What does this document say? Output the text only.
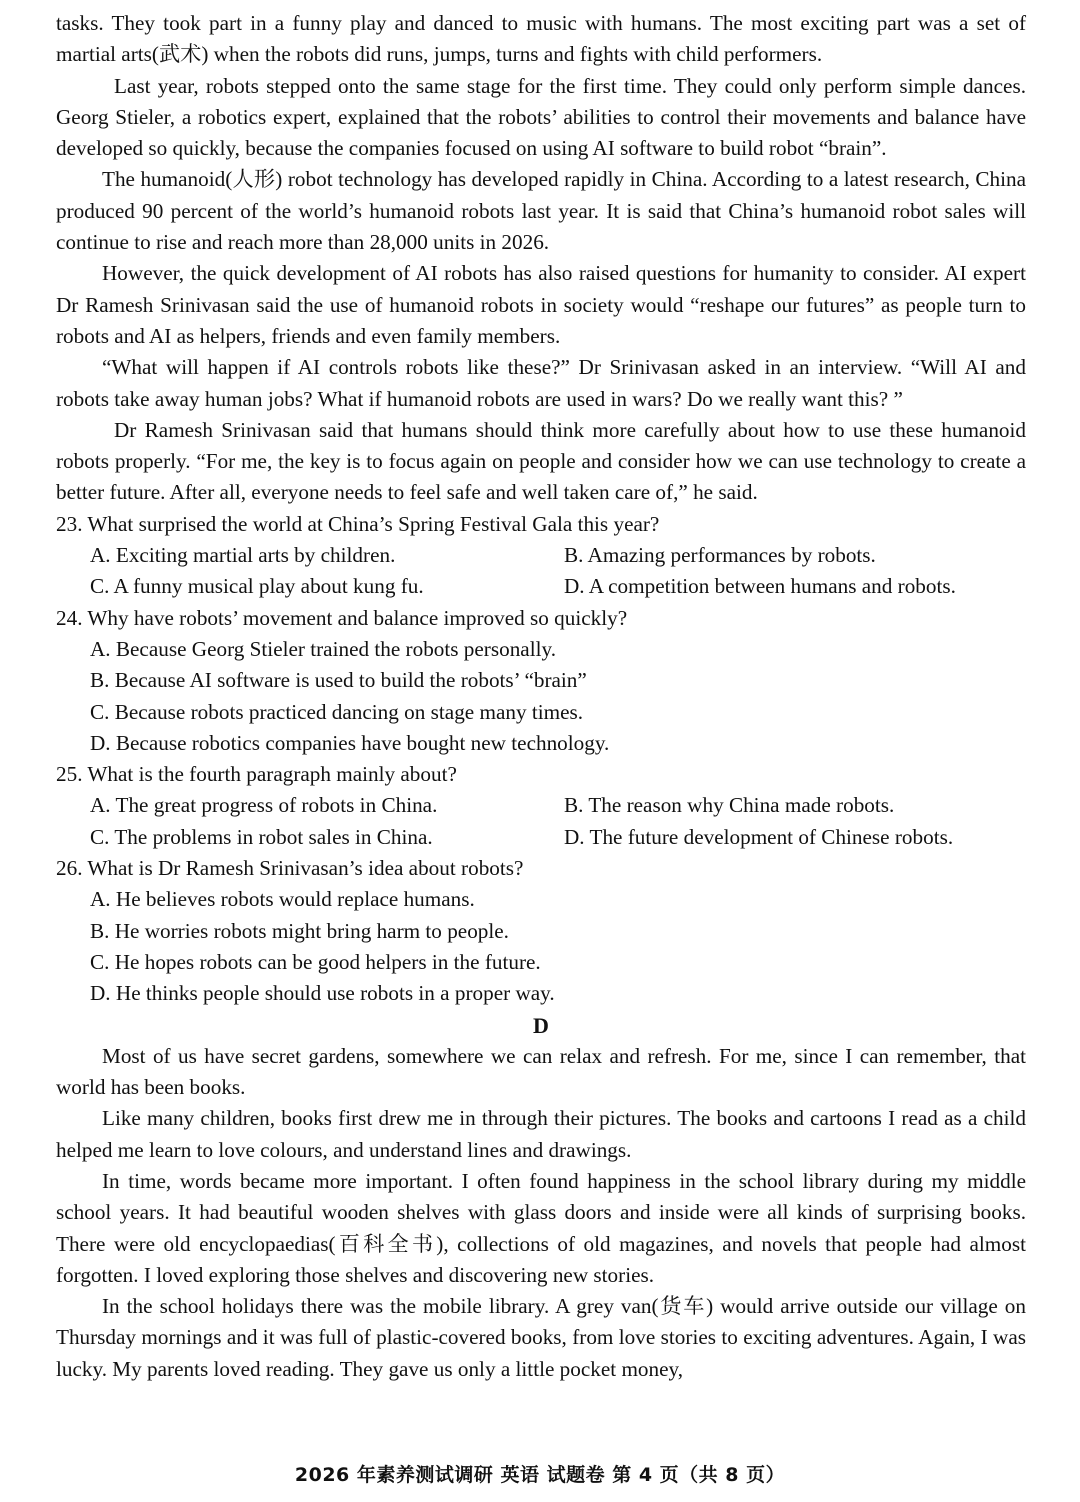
tasks. They took part in a funny play and danced to music with humans. The most exciting part was a set of martial arts(武术) when the robots did runs, jumps, turns and fights with child performers.

Last year, robots stepped onto the same stage for the first time. They could only perform simple dances. Georg Stieler, a robotics expert, explained that the robots’ abilities to control their movements and balance have developed so quickly, because the companies focused on using AI software to build robot “brain”.

The humanoid(人形) robot technology has developed rapidly in China. According to a latest research, China produced 90 percent of the world’s humanoid robots last year. It is said that China’s humanoid robot sales will continue to rise and reach more than 28,000 units in 2026.

However, the quick development of AI robots has also raised questions for humanity to consider. AI expert Dr Ramesh Srinivasan said the use of humanoid robots in society would “reshape our futures” as people turn to robots and AI as helpers, friends and even family members.

“What will happen if AI controls robots like these?” Dr Srinivasan asked in an interview. “Will AI and robots take away human jobs? What if humanoid robots are used in wars? Do we really want this? ”

Dr Ramesh Srinivasan said that humans should think more carefully about how to use these humanoid robots properly. “For me, the key is to focus again on people and consider how we can use technology to create a better future. After all, everyone needs to feel safe and well taken care of,” he said.

23. What surprised the world at China’s Spring Festival Gala this year?

A. Exciting martial arts by children.	B. Amazing performances by robots.
C. A funny musical play about kung fu.	D. A competition between humans and robots.

24. Why have robots’ movement and balance improved so quickly?

A. Because Georg Stieler trained the robots personally.
B. Because AI software is used to build the robots’ “brain”
C. Because robots practiced dancing on stage many times.
D. Because robotics companies have bought new technology.

25. What is the fourth paragraph mainly about?

A. The great progress of robots in China.	B. The reason why China made robots.
C. The problems in robot sales in China.	D. The future development of Chinese robots.

26. What is Dr Ramesh Srinivasan’s idea about robots?

A. He believes robots would replace humans.
B. He worries robots might bring harm to people.
C. He hopes robots can be good helpers in the future.
D. He thinks people should use robots in a proper way.

D

Most of us have secret gardens, somewhere we can relax and refresh. For me, since I can remember, that world has been books.

Like many children, books first drew me in through their pictures. The books and cartoons I read as a child helped me learn to love colours, and understand lines and drawings.

In time, words became more important. I often found happiness in the school library during my middle school years. It had beautiful wooden shelves with glass doors and inside were all kinds of surprising books. There were old encyclopaedias(百科全书), collections of old magazines, and novels that people had almost forgotten. I loved exploring those shelves and discovering new stories.

In the school holidays there was the mobile library. A grey van(货车) would arrive outside our village on Thursday mornings and it was full of plastic-covered books, from love stories to exciting adventures. Again, I was lucky. My parents loved reading. They gave us only a little pocket money,

2026 年素养测试调研 英语 试题卷 第 4 页（共 8 页）
